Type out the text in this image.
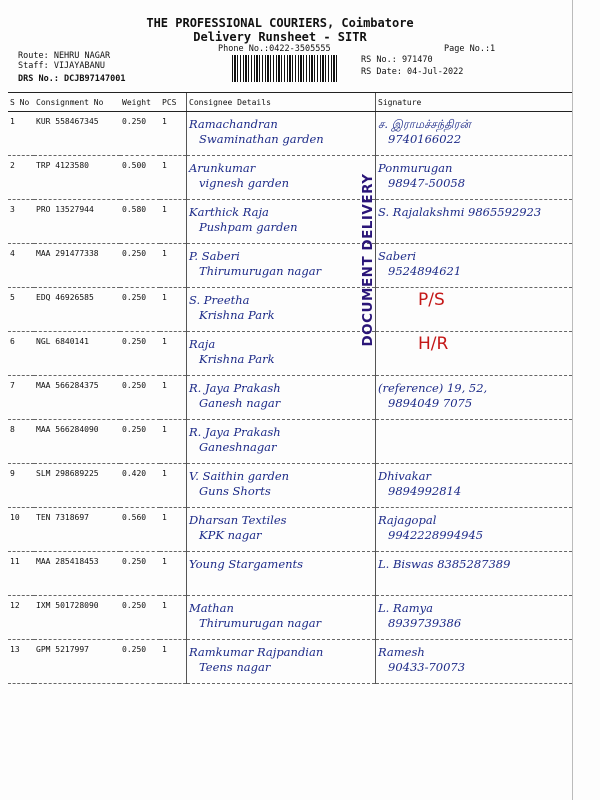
THE PROFESSIONAL COURIERS, Coimbatore
Delivery Runsheet - SITR
Phone No.:0422-3505555	Page No.:1
Route: NEHRU NAGAR
Staff: VIJAYABANU
DRS No.: DCJB97147001
RS No.: 971470
RS Date: 04-Jul-2022
S No	Consignment No	Weight	PCS	Consignee Details	Signature
1	KUR 558467345	0.250	1	Ramachandran
Swaminathan garden	ச. இராமச்சந்திரன்
9740166022

2	TRP 4123580	0.500	1	Arunkumar
vignesh garden	Ponmurugan
98947-50058

3	PRO 13527944	0.580	1	Karthick Raja
Pushpam garden	S. Rajalakshmi 9865592923

4	MAA 291477338	0.250	1	P. Saberi
Thirumurugan nagar	Saberi
9524894621

5	EDQ 46926585	0.250	1	S. Preetha
Krishna Park	P/S

6	NGL 6840141	0.250	1	Raja
Krishna Park	H/R

7	MAA 566284375	0.250	1	R. Jaya Prakash
Ganesh nagar	(reference) 19, 52,
9894049 7075

8	MAA 566284090	0.250	1	R. Jaya Prakash
Ganeshnagar	

9	SLM 298689225	0.420	1	V. Saithin garden
Guns Shorts	Dhivakar
9894992814

10	TEN 7318697	0.560	1	Dharsan Textiles
KPK nagar	Rajagopal
9942228994945

11	MAA 285418453	0.250	1	Young Stargaments	L. Biswas 8385287389

12	IXM 501728090	0.250	1	Mathan
Thirumurugan nagar	L. Ramya
8939739386

13	GPM 5217997	0.250	1	Ramkumar Rajpandian
Teens nagar	Ramesh
90433-70073
DOCUMENT DELIVERY
